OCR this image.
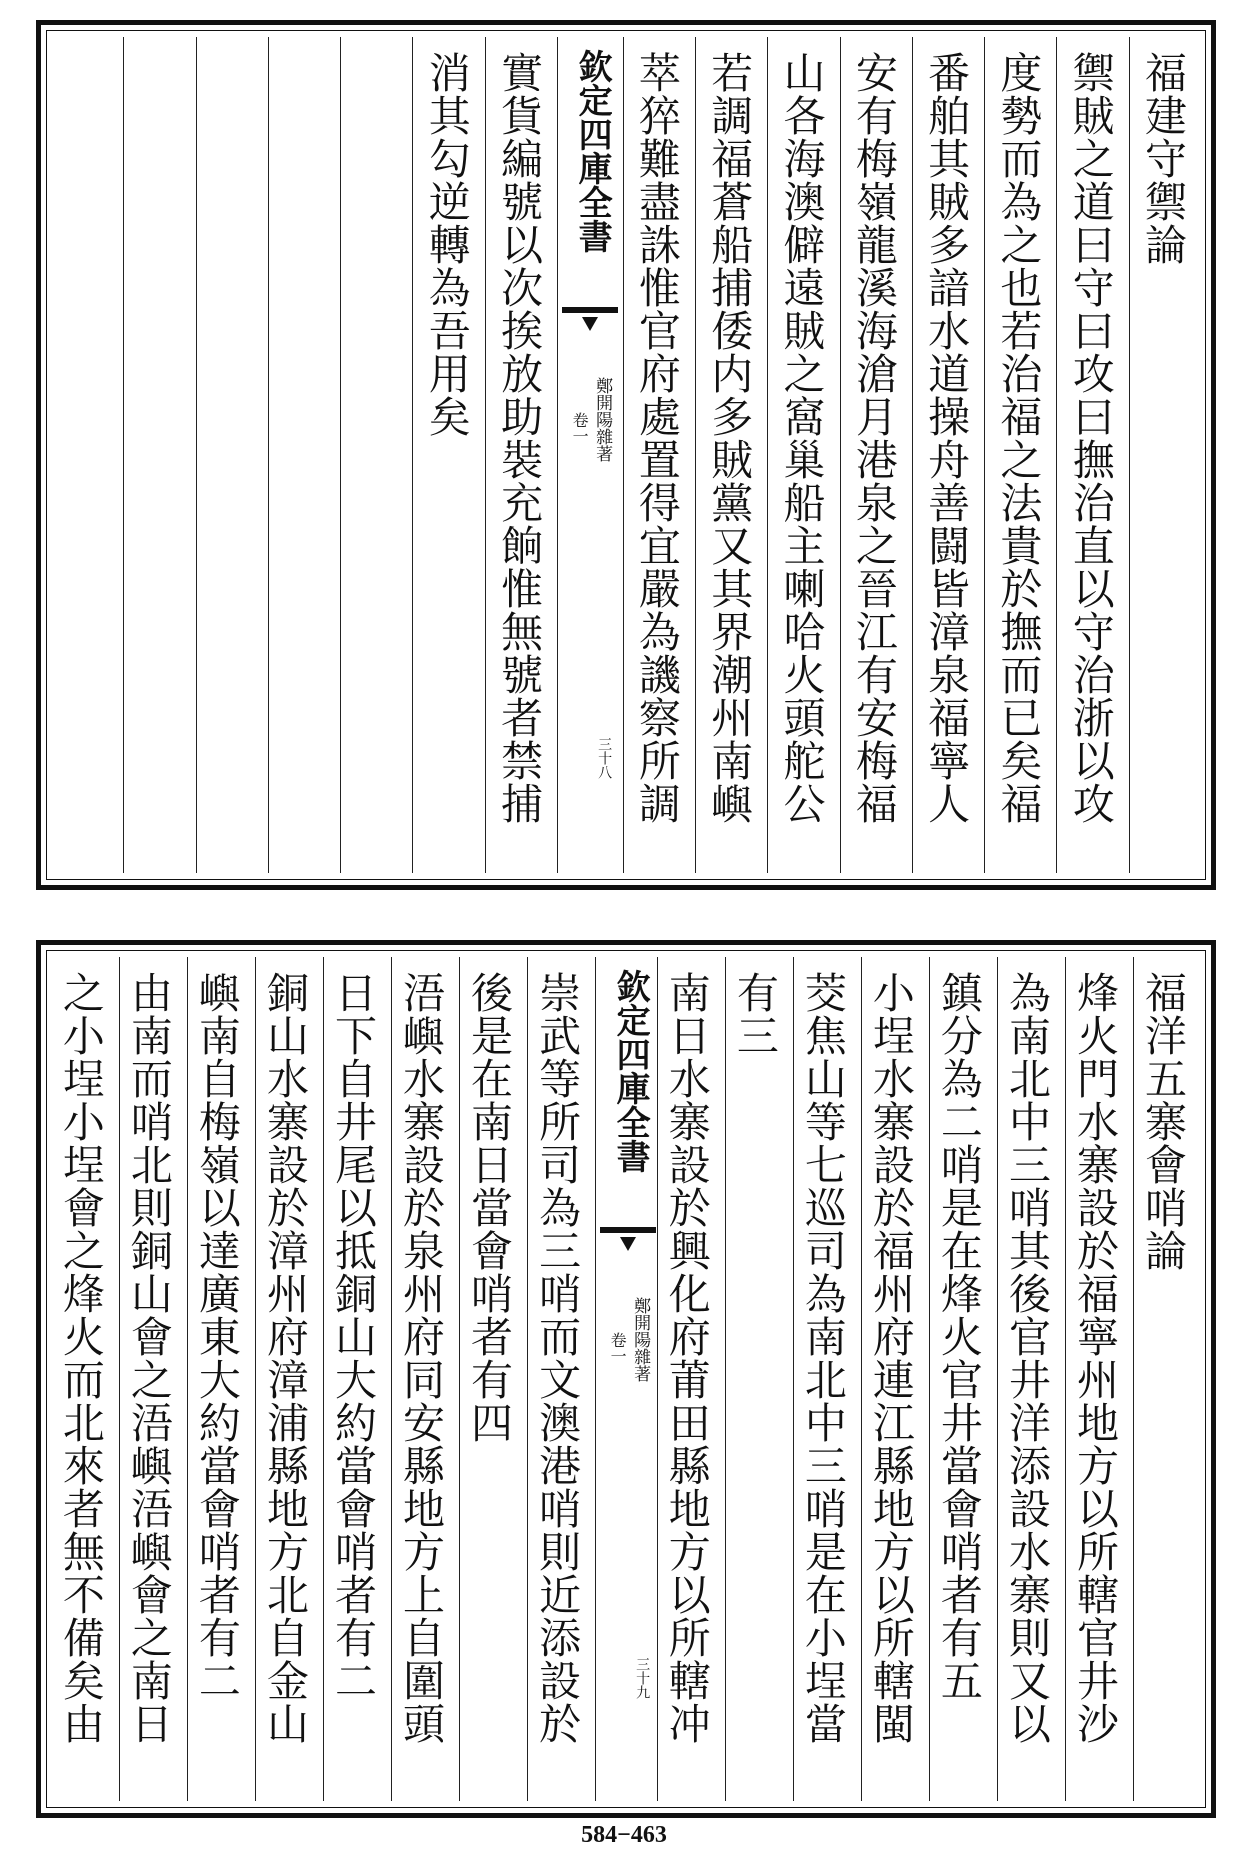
福建守禦論
禦賊之道曰守曰攻曰撫治直以守治浙以攻
度勢而為之也若治福之法貴於撫而已矣福
番舶其賊多諳水道操舟善闘皆漳泉福寧人
安有梅嶺龍溪海滄月港泉之晉江有安梅福
山各海澳僻遠賊之窩巢船主喇哈火頭舵公
若調福蒼船捕倭内多賊黨又其界潮州南嶼
萃猝難盡誅惟官府處置得宜嚴為譏察所調
欽定四庫全書
鄭開陽雜著
卷一
三十八
實貨編號以次挨放助裝充餉惟無號者禁捕
消其勾逆轉為吾用矣
福洋五寨會哨論
烽火門水寨設於福寧州地方以所轄官井沙
為南北中三哨其後官井洋添設水寨則又以
鎮分為二哨是在烽火官井當會哨者有五
小埕水寨設於福州府連江縣地方以所轄閩
茭焦山等七巡司為南北中三哨是在小埕當
有三
南日水寨設於興化府莆田縣地方以所轄冲
欽定四庫全書
鄭開陽雜著
卷一
三十九
崇武等所司為三哨而文澳港哨則近添設於
後是在南日當會哨者有四
浯嶼水寨設於泉州府同安縣地方上自圍頭
日下自井尾以抵銅山大約當會哨者有二
銅山水寨設於漳州府漳浦縣地方北自金山
嶼南自梅嶺以達廣東大約當會哨者有二
由南而哨北則銅山會之浯嶼浯嶼會之南日
之小埕小埕會之烽火而北來者無不備矣由
584−463
